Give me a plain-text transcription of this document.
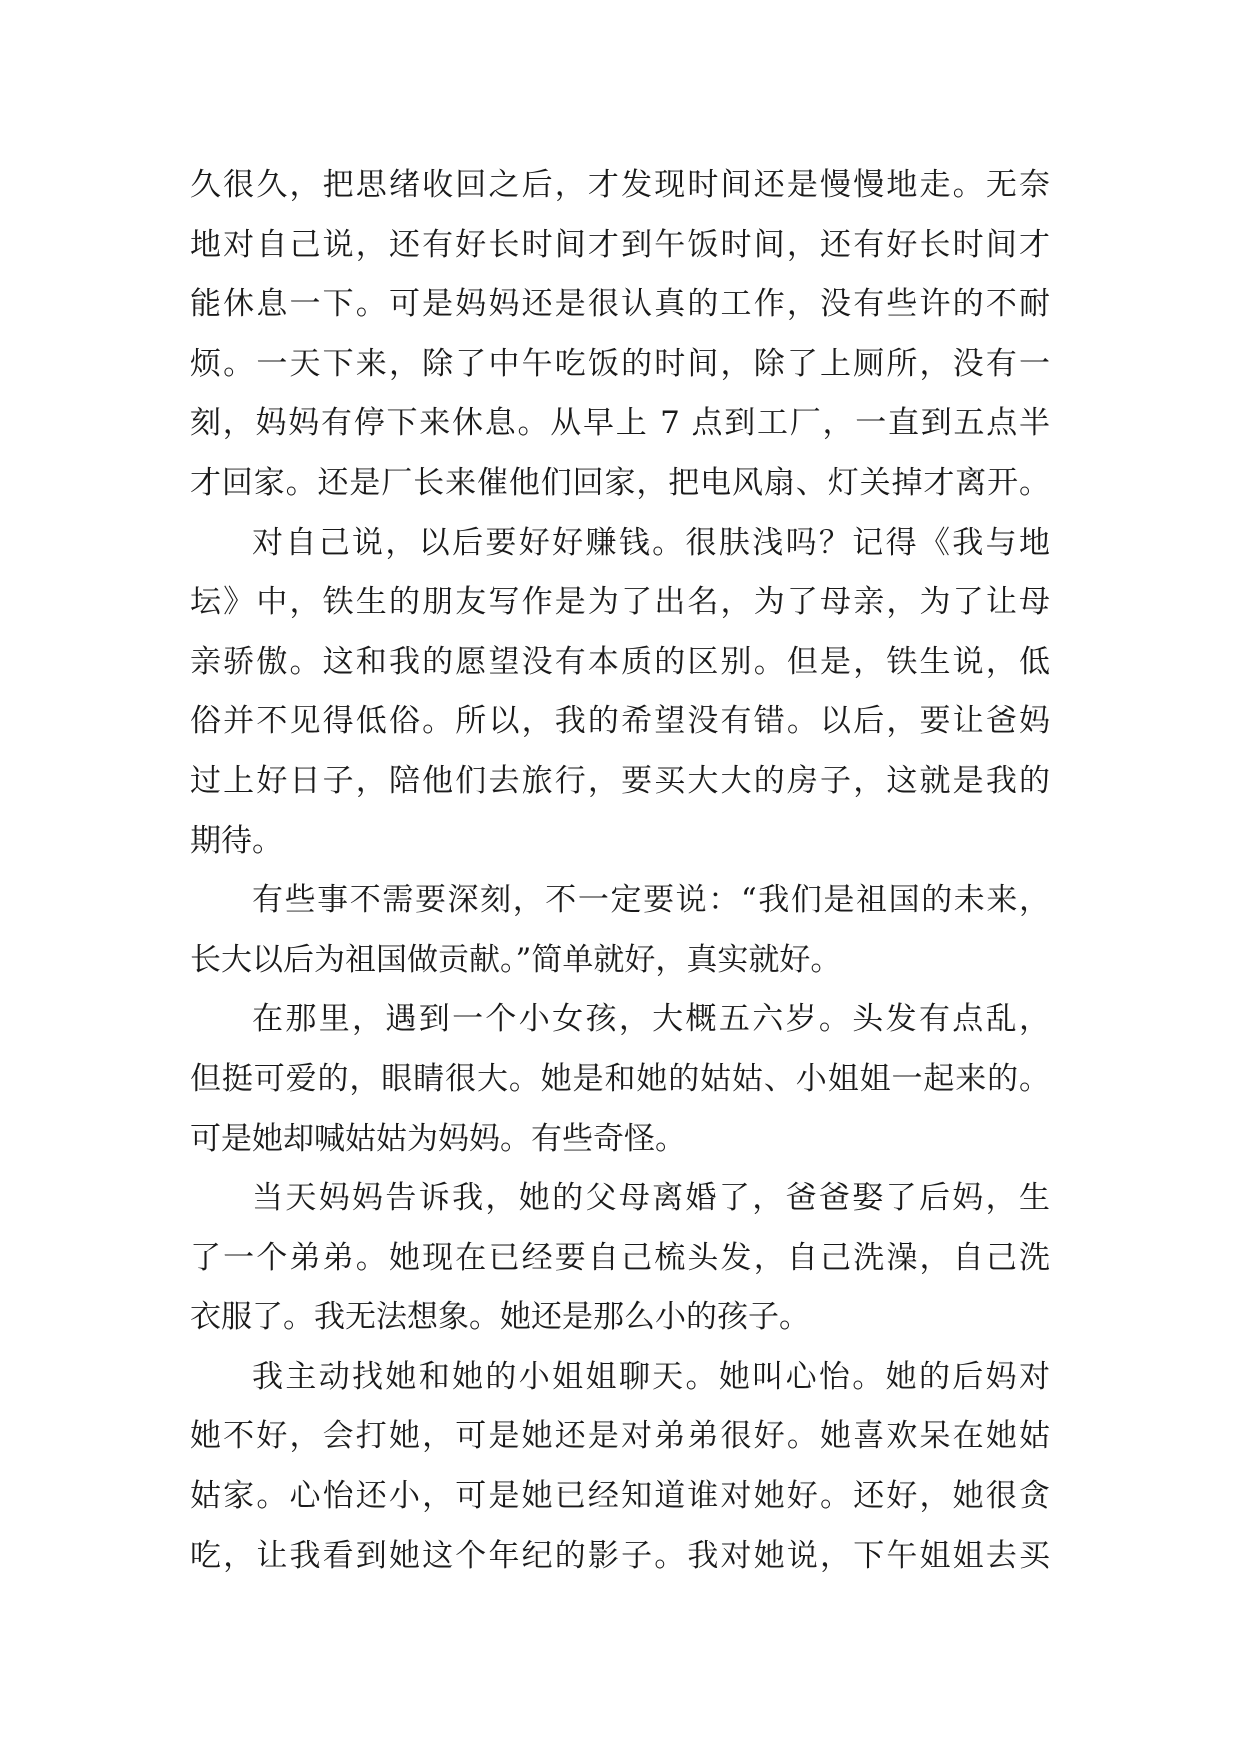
久很久，把思绪收回之后，才发现时间还是慢慢地走。无奈
地对自己说，还有好长时间才到午饭时间，还有好长时间才
能休息一下。可是妈妈还是很认真的工作，没有些许的不耐
烦。一天下来，除了中午吃饭的时间，除了上厕所，没有一
刻，妈妈有停下来休息。从早上 7 点到工厂，一直到五点半
才回家。还是厂长来催他们回家，把电风扇、灯关掉才离开。
对自己说，以后要好好赚钱。很肤浅吗？记得《我与地
坛》中，铁生的朋友写作是为了出名，为了母亲，为了让母
亲骄傲。这和我的愿望没有本质的区别。但是，铁生说，低
俗并不见得低俗。所以，我的希望没有错。以后，要让爸妈
过上好日子，陪他们去旅行，要买大大的房子，这就是我的
期待。
有些事不需要深刻，不一定要说：“我们是祖国的未来，
长大以后为祖国做贡献。”简单就好，真实就好。
在那里，遇到一个小女孩，大概五六岁。头发有点乱，
但挺可爱的，眼睛很大。她是和她的姑姑、小姐姐一起来的。
可是她却喊姑姑为妈妈。有些奇怪。
当天妈妈告诉我，她的父母离婚了，爸爸娶了后妈，生
了一个弟弟。她现在已经要自己梳头发，自己洗澡，自己洗
衣服了。我无法想象。她还是那么小的孩子。
我主动找她和她的小姐姐聊天。她叫心怡。她的后妈对
她不好，会打她，可是她还是对弟弟很好。她喜欢呆在她姑
姑家。心怡还小，可是她已经知道谁对她好。还好，她很贪
吃，让我看到她这个年纪的影子。我对她说，下午姐姐去买
